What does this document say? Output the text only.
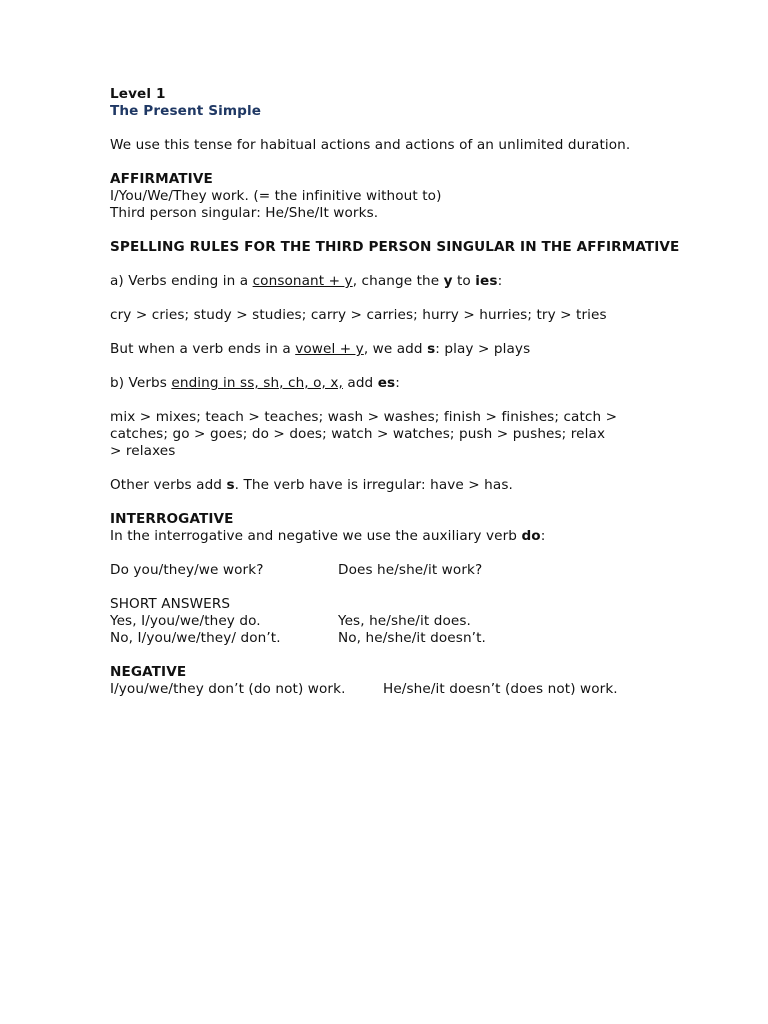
Level 1
The Present Simple
We use this tense for habitual actions and actions of an unlimited duration.
AFFIRMATIVE
I/You/We/They work. (= the infinitive without to)
Third person singular: He/She/It works.
SPELLING RULES FOR THE THIRD PERSON SINGULAR IN THE AFFIRMATIVE
a) Verbs ending in a consonant + y, change the y to ies:
cry > cries; study > studies; carry > carries; hurry > hurries; try > tries
But when a verb ends in a vowel + y, we add s: play > plays
b) Verbs ending in ss, sh, ch, o, x, add es:
mix > mixes; teach > teaches; wash > washes; finish > finishes; catch > catches; go > goes; do > does; watch > watches; push > pushes; relax > relaxes
Other verbs add s. The verb have is irregular: have > has.
INTERROGATIVE
In the interrogative and negative we use the auxiliary verb do:
Do you/they/we work?	Does he/she/it work?
SHORT ANSWERS
Yes, I/you/we/they do.	Yes, he/she/it does.
No, I/you/we/they/ don’t.	No, he/she/it doesn’t.
NEGATIVE
I/you/we/they don’t (do not) work.	He/she/it doesn’t (does not) work.
